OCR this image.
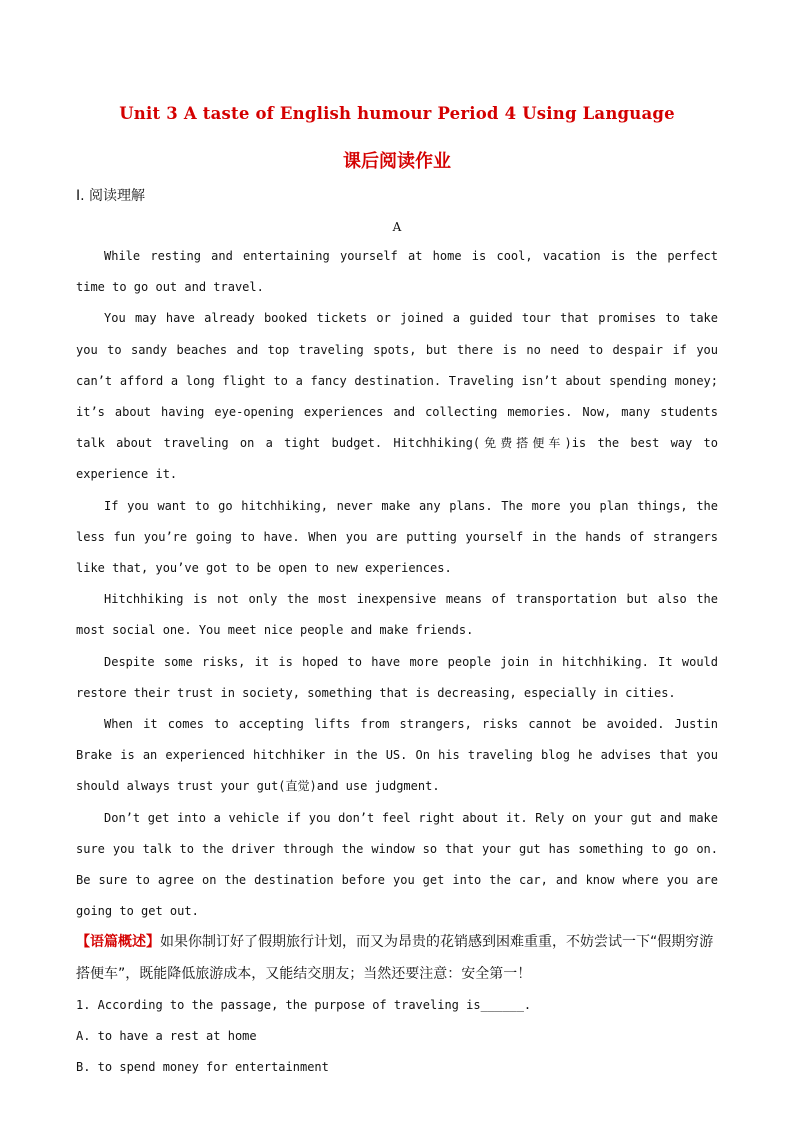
Unit 3 A taste of English humour Period 4 Using Language
课后阅读作业
Ⅰ. 阅读理解
A

While resting and entertaining yourself at home is cool, vacation is the perfect time to go out and travel.

You may have already booked tickets or joined a guided tour that promises to take you to sandy beaches and top traveling spots, but there is no need to despair if you can’t afford a long flight to a fancy destination. Traveling isn’t about spending money; it’s about having eye-opening experiences and collecting memories. Now, many students talk about traveling on a tight budget. Hitchhiking(免费搭便车)is the best way to experience it.

If you want to go hitchhiking, never make any plans. The more you plan things, the less fun you’re going to have. When you are putting yourself in the hands of strangers like that, you’ve got to be open to new experiences.

Hitchhiking is not only the most inexpensive means of transportation but also the most social one. You meet nice people and make friends.

Despite some risks, it is hoped to have more people join in hitchhiking. It would restore their trust in society, something that is decreasing, especially in cities.

When it comes to accepting lifts from strangers, risks cannot be avoided. Justin Brake is an experienced hitchhiker in the US. On his traveling blog he advises that you should always trust your gut(直觉)and use judgment.

Don’t get into a vehicle if you don’t feel right about it. Rely on your gut and make sure you talk to the driver through the window so that your gut has something to go on. Be sure to agree on the destination before you get into the car, and know where you are going to get out.

【语篇概述】如果你制订好了假期旅行计划，而又为昂贵的花销感到困难重重，不妨尝试一下“假期穷游搭便车”，既能降低旅游成本，又能结交朋友；当然还要注意：安全第一！

1. According to the passage, the purpose of traveling is______.

A. to have a rest at home

B. to spend money for entertainment
